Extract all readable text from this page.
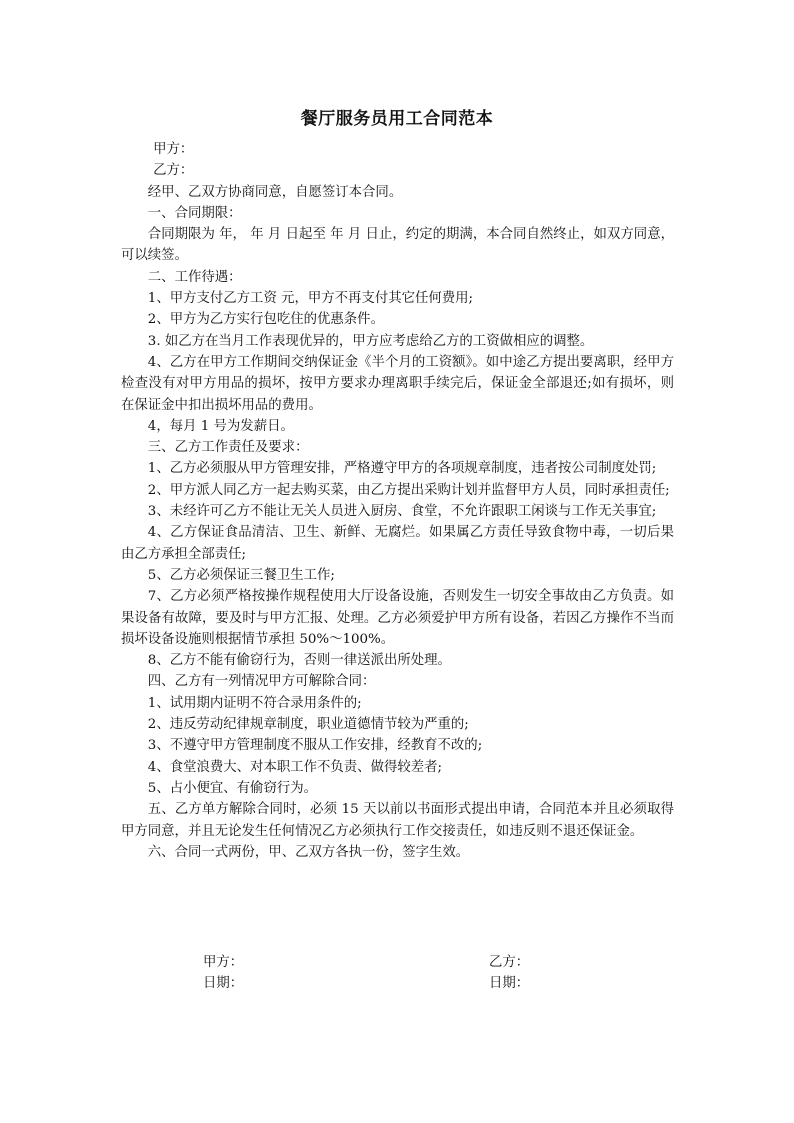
餐厅服务员用工合同范本

甲方：

乙方：

经甲、乙双方协商同意，自愿签订本合同。

一、合同期限：

合同期限为 年， 年 月 日起至 年 月 日止，约定的期满，本合同自然终止，如双方同意，可以续签。

二、工作待遇：

1、甲方支付乙方工资 元，甲方不再支付其它任何费用;

2、甲方为乙方实行包吃住的优惠条件。

3. 如乙方在当月工作表现优异的，甲方应考虑给乙方的工资做相应的调整。

4、乙方在甲方工作期间交纳保证金《半个月的工资额》。如中途乙方提出要离职，经甲方检查没有对甲方用品的损坏，按甲方要求办理离职手续完后，保证金全部退还;如有损坏，则在保证金中扣出损坏用品的费用。

4，每月 1 号为发薪日。

三、乙方工作责任及要求：

1、乙方必须服从甲方管理安排，严格遵守甲方的各项规章制度，违者按公司制度处罚;

2、甲方派人同乙方一起去购买菜，由乙方提出采购计划并监督甲方人员，同时承担责任;

3、未经许可乙方不能让无关人员进入厨房、食堂，不允许跟职工闲谈与工作无关事宜;

4、乙方保证食品清洁、卫生、新鲜、无腐烂。如果属乙方责任导致食物中毒，一切后果由乙方承担全部责任;

5、乙方必须保证三餐卫生工作;

7、乙方必须严格按操作规程使用大厅设备设施，否则发生一切安全事故由乙方负责。如果设备有故障，要及时与甲方汇报、处理。乙方必须爱护甲方所有设备，若因乙方操作不当而损坏设备设施则根据情节承担 50%～100%。

8、乙方不能有偷窃行为，否则一律送派出所处理。

四、乙方有一列情况甲方可解除合同：

1、试用期内证明不符合录用条件的;

2、违反劳动纪律规章制度，职业道德情节较为严重的;

3、不遵守甲方管理制度不服从工作安排，经教育不改的;

4、食堂浪费大、对本职工作不负责、做得较差者;

5、占小便宜、有偷窃行为。

五、乙方单方解除合同时，必须 15 天以前以书面形式提出申请，合同范本并且必须取得甲方同意，并且无论发生任何情况乙方必须执行工作交接责任，如违反则不退还保证金。

六、合同一式两份，甲、乙双方各执一份，签字生效。

甲方：
日期：
乙方：
日期：
